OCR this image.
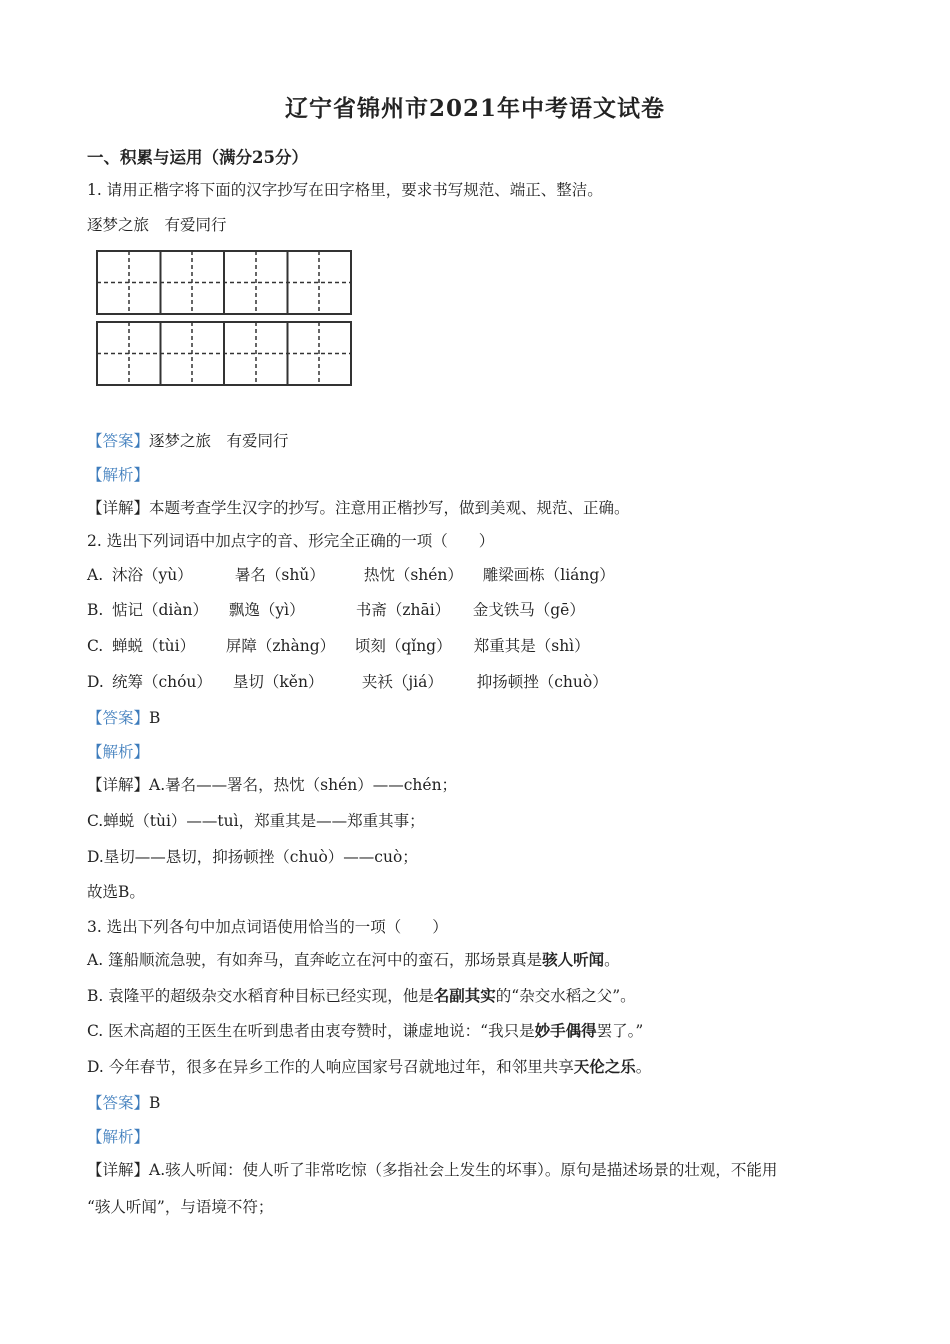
辽宁省锦州市2021年中考语文试卷
一、积累与运用（满分25分）
1. 请用正楷字将下面的汉字抄写在田字格里，要求书写规范、端正、整洁。
逐梦之旅　有爱同行
【答案】逐梦之旅　有爱同行
【解析】
【详解】本题考查学生汉字的抄写。注意用正楷抄写，做到美观、规范、正确。
2. 选出下列词语中加点字的音、形完全正确的一项（　　）
A. 沐浴（yù）	暑名（shǔ）	热忱（shén） 雕梁画栋（liáng）
B. 惦记（diàn） 飘逸（yì）	书斋（zhāi） 金戈铁马（gē）
C. 蝉蜕（tùi） 屏障（zhàng） 顷刻（qǐng） 郑重其是（shì）
D. 统筹（chóu） 垦切（kěn） 夹袄（jiá） 抑扬顿挫（chuò）
【答案】B
【解析】
【详解】A.暑名——署名，热忱（shén）——chén；
C.蝉蜕（tùi）——tuì，郑重其是——郑重其事；
D.垦切——恳切，抑扬顿挫（chuò）——cuò；
故选B。
3. 选出下列各句中加点词语使用恰当的一项（　　）
A. 篷船顺流急驶，有如奔马，直奔屹立在河中的蛮石，那场景真是骇人听闻。
B. 袁隆平的超级杂交水稻育种目标已经实现，他是名副其实的“杂交水稻之父”。
C. 医术高超的王医生在听到患者由衷夸赞时，谦虚地说：“我只是妙手偶得罢了。”
D. 今年春节，很多在异乡工作的人响应国家号召就地过年，和邻里共享天伦之乐。
【答案】B
【解析】
【详解】A.骇人听闻：使人听了非常吃惊（多指社会上发生的坏事）。原句是描述场景的壮观，不能用
“骇人听闻”，与语境不符；
